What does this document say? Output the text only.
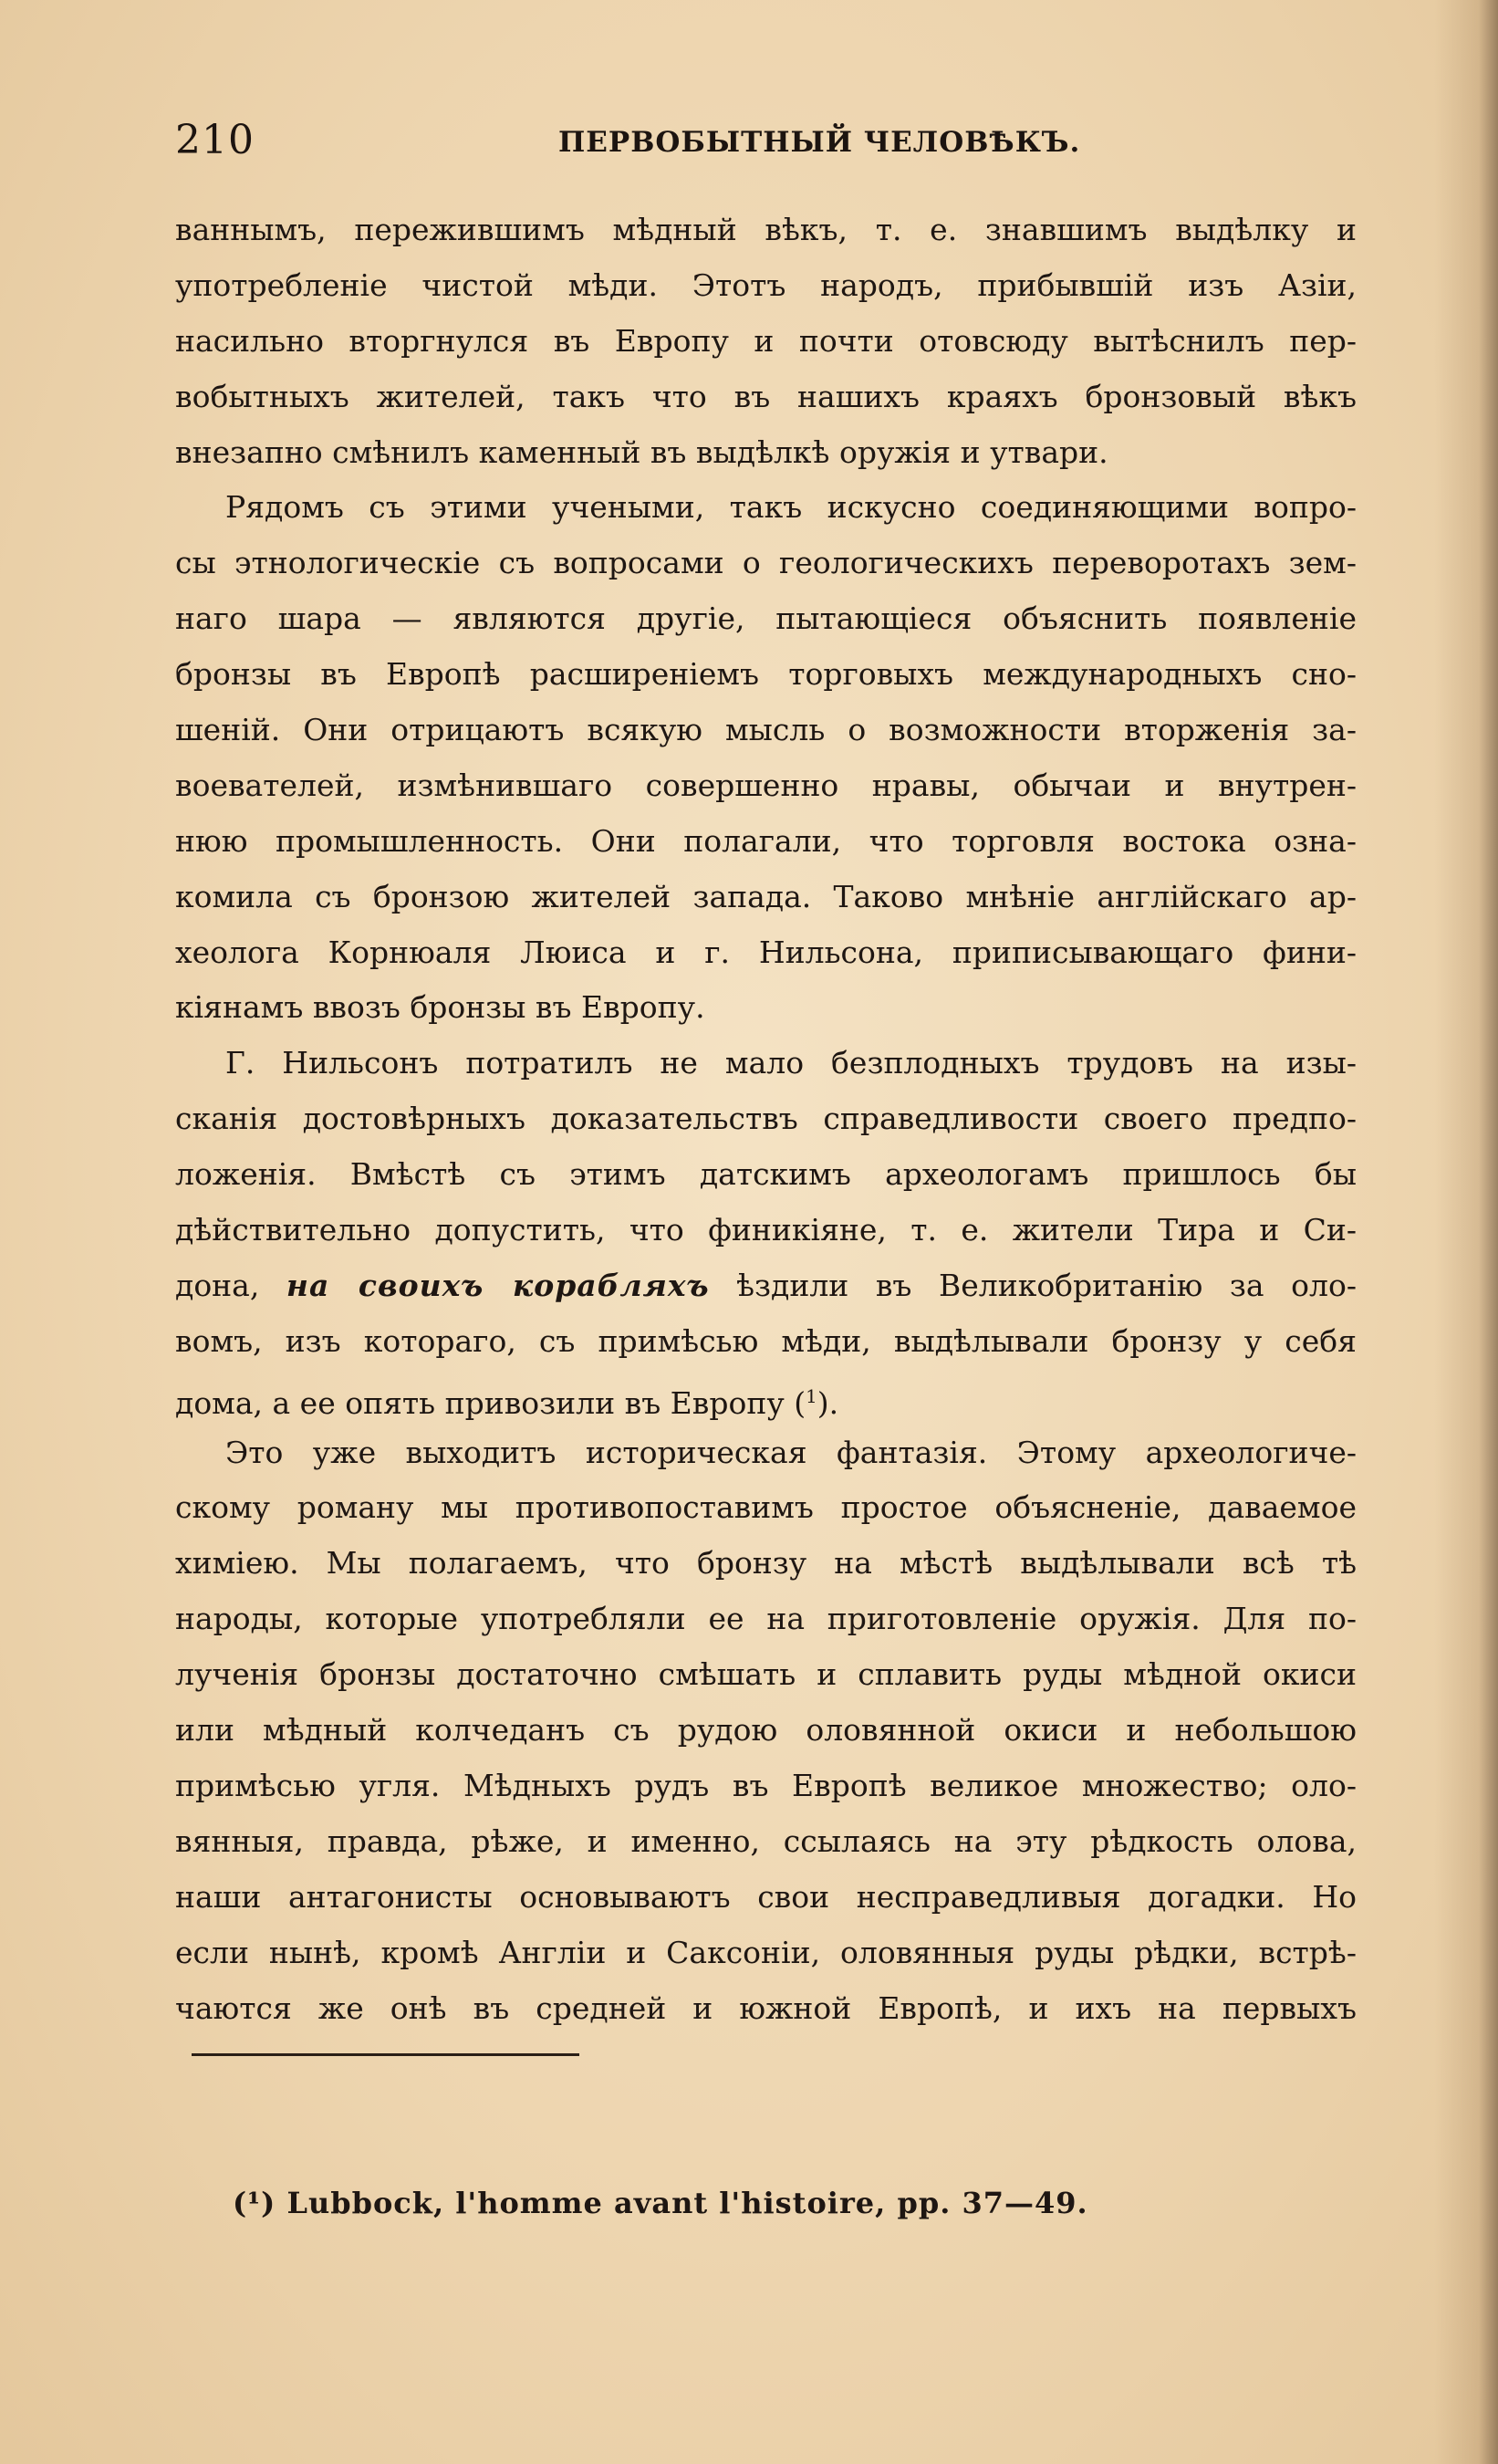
210	ПЕРВОБЫТНЫЙ ЧЕЛОВѢКЪ.
ваннымъ, пережившимъ мѣдный вѣкъ, т. е. знавшимъ выдѣлку и
употребленіе чистой мѣди. Этотъ народъ, прибывшій изъ Азіи,
насильно вторгнулся въ Европу и почти отовсюду вытѣснилъ пер-
вобытныхъ жителей, такъ что въ нашихъ краяхъ бронзовый вѣкъ
внезапно смѣнилъ каменный въ выдѣлкѣ оружія и утвари.
Рядомъ съ этими учеными, такъ искусно соединяющими вопро-
сы этнологическіе съ вопросами о геологическихъ переворотахъ зем-
наго шара — являются другіе, пытающіеся объяснить появленіе
бронзы въ Европѣ расширеніемъ торговыхъ международныхъ сно-
шеній. Они отрицаютъ всякую мысль о возможности вторженія за-
воевателей, измѣнившаго совершенно нравы, обычаи и внутрен-
нюю промышленность. Они полагали, что торговля востока озна-
комила съ бронзою жителей запада. Таково мнѣніе англійскаго ар-
хеолога Корнюаля Люиса и г. Нильсона, приписывающаго фини-
кіянамъ ввозъ бронзы въ Европу.
Г. Нильсонъ потратилъ не мало безплодныхъ трудовъ на изы-
сканія достовѣрныхъ доказательствъ справедливости своего предпо-
ложенія. Вмѣстѣ съ этимъ датскимъ археологамъ пришлось бы
дѣйствительно допустить, что финикіяне, т. е. жители Тира и Си-
дона, на своихъ корабляхъ ѣздили въ Великобританію за оло-
вомъ, изъ котораго, съ примѣсью мѣди, выдѣлывали бронзу у себя
дома, а ее опять привозили въ Европу ($^1$).
Это уже выходитъ историческая фантазія. Этому археологиче-
скому роману мы противопоставимъ простое объясненіе, даваемое
химіею. Мы полагаемъ, что бронзу на мѣстѣ выдѣлывали всѣ тѣ
народы, которые употребляли ее на приготовленіе оружія. Для по-
лученія бронзы достаточно смѣшать и сплавить руды мѣдной окиси
или мѣдный колчеданъ съ рудою оловянной окиси и небольшою
примѣсью угля. Мѣдныхъ рудъ въ Европѣ великое множество; оло-
вянныя, правда, рѣже, и именно, ссылаясь на эту рѣдкость олова,
наши антагонисты основываютъ свои несправедливыя догадки. Но
если нынѣ, кромѣ Англіи и Саксоніи, оловянныя руды рѣдки, встрѣ-
чаются же онѣ въ средней и южной Европѣ, и ихъ на первыхъ
(¹) Lubbock, l'homme avant l'histoire, pp. 37—49.
